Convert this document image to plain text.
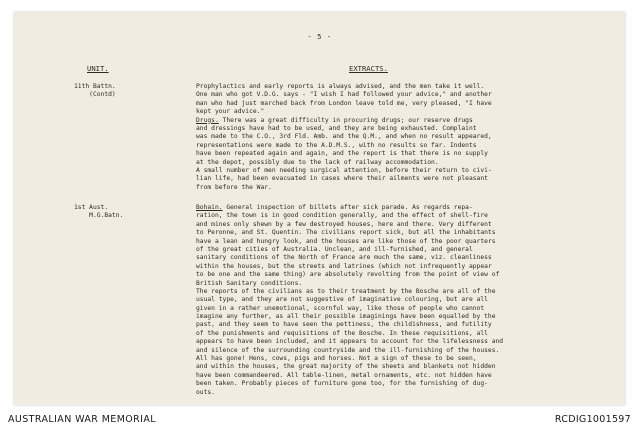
- 5 -
UNIT.	EXTRACTS.
11th Battn.
(Contd)
Prophylactics and early reports is always advised, and the men take it well.
One man who got V.D.G. says - "I wish I had followed your advice," and another
man who had just marched back from London leave told me, very pleased, "I have
kept your advice."
Drugs. There was a great difficulty in procuring drugs; our reserve drugs
and dressings have had to be used, and they are being exhausted. Complaint
was made to the C.O., 3rd Fld. Amb. and the Q.M., and when no result appeared,
representations were made to the A.D.M.S., with no results so far. Indents
have been repeated again and again, and the report is that there is no supply
at the depot, possibly due to the lack of railway accommodation.
A small number of men needing surgical attention, before their return to civi-
lian life, had been evacuated in cases where their ailments were not pleasant
from before the War.
1st Aust.
M.G.Batn.
Bohain. General inspection of billets after sick parade. As regards repa-
ration, the town is in good condition generally, and the effect of shell-fire
and mines only shewn by a few destroyed houses, here and there. Very different
to Peronne, and St. Quentin. The civilians report sick, but all the inhabitants
have a lean and hungry look, and the houses are like those of the poor quarters
of the great cities of Australia. Unclean, and ill-furnished, and general
sanitary conditions of the North of France are much the same, viz. cleanliness
within the houses, but the streets and latrines (which not infrequently appear
to be one and the same thing) are absolutely revolting from the point of view of
British Sanitary conditions.
The reports of the civilians as to their treatment by the Bosche are all of the
usual type, and they are not suggestive of imaginative colouring, but are all
given in a rather unemotional, scornful way, like those of people who cannot
imagine any further, as all their possible imaginings have been equalled by the
past, and they seem to have seen the pettiness, the childishness, and futility
of the punishments and requisitions of the Bosche. In these requisitions, all
appears to have been included, and it appears to account for the lifelessness and
and silence of the surrounding countryside and the ill-furnishing of the houses.
All has gone! Hens, cows, pigs and horses. Not a sign of these to be seen,
and within the houses, the great majority of the sheets and blankets not hidden
have been commandeered. All table-linen, metal ornaments, etc. not hidden have
been taken. Probably pieces of furniture gone too, for the furnishing of dug-
outs.
AUSTRALIAN WAR MEMORIAL	RCDIG1001597
